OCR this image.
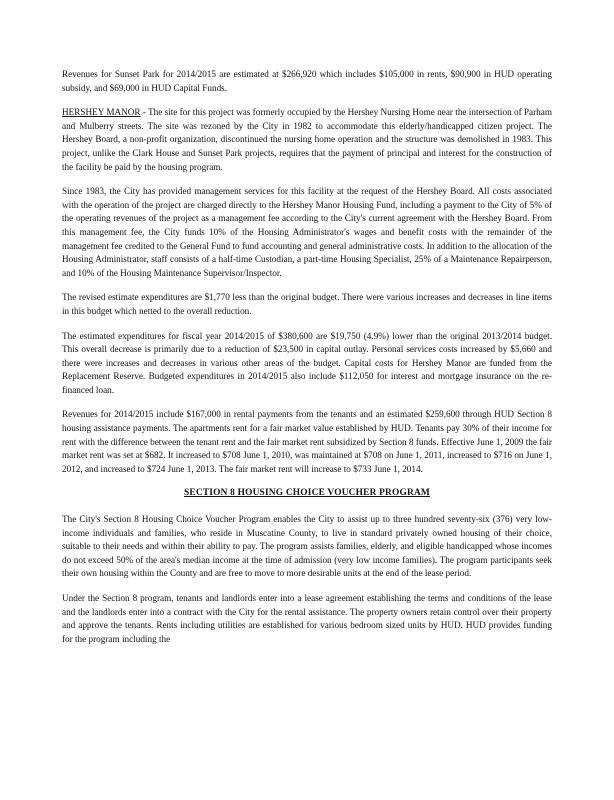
Revenues for Sunset Park for 2014/2015 are estimated at $266,920 which includes $105,000 in rents, $90,900 in HUD operating subsidy, and $69,000 in HUD Capital Funds.

HERSHEY MANOR - The site for this project was formerly occupied by the Hershey Nursing Home near the intersection of Parham and Mulberry streets. The site was rezoned by the City in 1982 to accommodate this elderly/handicapped citizen project. The Hershey Board, a non-profit organization, discontinued the nursing home operation and the structure was demolished in 1983. This project, unlike the Clark House and Sunset Park projects, requires that the payment of principal and interest for the construction of the facility be paid by the housing program.

Since 1983, the City has provided management services for this facility at the request of the Hershey Board. All costs associated with the operation of the project are charged directly to the Hershey Manor Housing Fund, including a payment to the City of 5% of the operating revenues of the project as a management fee according to the City's current agreement with the Hershey Board. From this management fee, the City funds 10% of the Housing Administrator's wages and benefit costs with the remainder of the management fee credited to the General Fund to fund accounting and general administrative costs. In addition to the allocation of the Housing Administrator, staff consists of a half-time Custodian, a part-time Housing Specialist, 25% of a Maintenance Repairperson, and 10% of the Housing Maintenance Supervisor/Inspector.

The revised estimate expenditures are $1,770 less than the original budget. There were various increases and decreases in line items in this budget which netted to the overall reduction.

The estimated expenditures for fiscal year 2014/2015 of $380,600 are $19,750 (4.9%) lower than the original 2013/2014 budget. This overall decrease is primarily due to a reduction of $23,500 in capital outlay. Personal services costs increased by $5,660 and there were increases and decreases in various other areas of the budget. Capital costs for Hershey Manor are funded from the Replacement Reserve. Budgeted expenditures in 2014/2015 also include $112,050 for interest and mortgage insurance on the re-financed loan.

Revenues for 2014/2015 include $167,000 in rental payments from the tenants and an estimated $259,600 through HUD Section 8 housing assistance payments. The apartments rent for a fair market value established by HUD. Tenants pay 30% of their income for rent with the difference between the tenant rent and the fair market rent subsidized by Section 8 funds. Effective June 1, 2009 the fair market rent was set at $682. It increased to $708 June 1, 2010, was maintained at $708 on June 1, 2011, increased to $716 on June 1, 2012, and increased to $724 June 1, 2013. The fair market rent will increase to $733 June 1, 2014.

SECTION 8 HOUSING CHOICE VOUCHER PROGRAM

The City's Section 8 Housing Choice Voucher Program enables the City to assist up to three hundred seventy-six (376) very low-income individuals and families, who reside in Muscatine County, to live in standard privately owned housing of their choice, suitable to their needs and within their ability to pay. The program assists families, elderly, and eligible handicapped whose incomes do not exceed 50% of the area's median income at the time of admission (very low income families). The program participants seek their own housing within the County and are free to move to more desirable units at the end of the lease period.

Under the Section 8 program, tenants and landlords enter into a lease agreement establishing the terms and conditions of the lease and the landlords enter into a contract with the City for the rental assistance. The property owners retain control over their property and approve the tenants. Rents including utilities are established for various bedroom sized units by HUD. HUD provides funding for the program including the
